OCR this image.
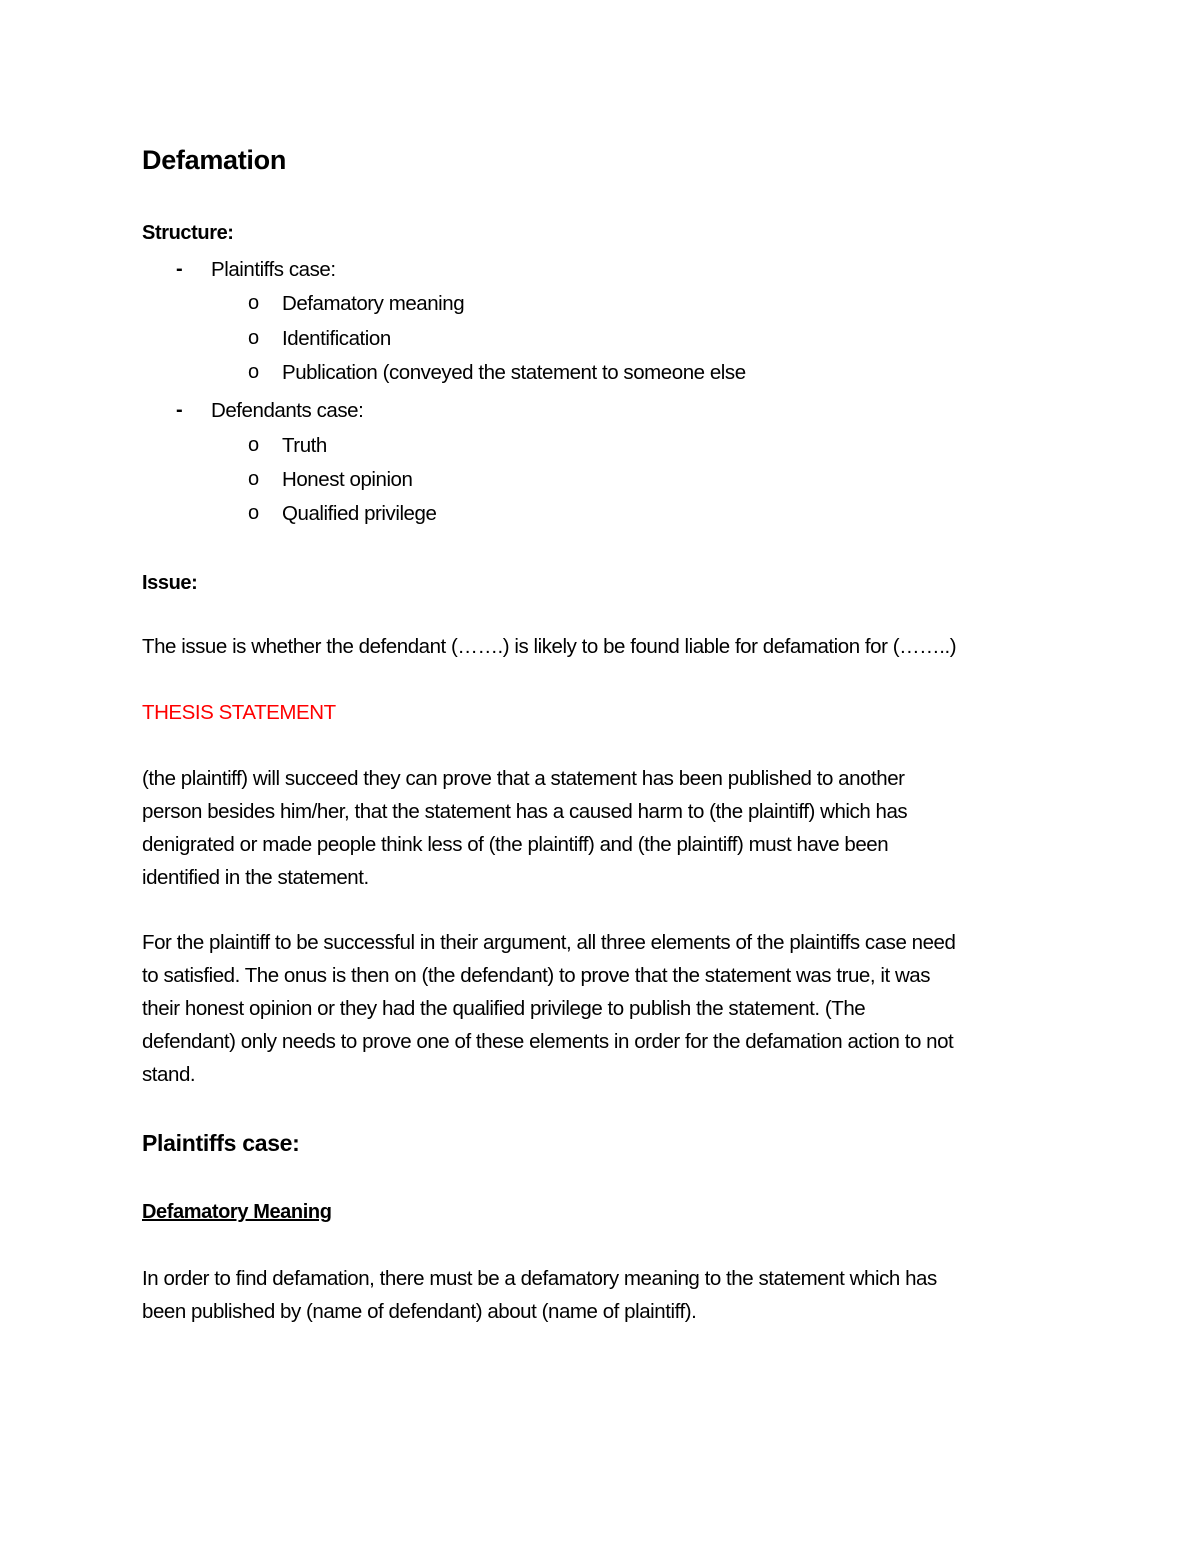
Defamation
Structure:
- Plaintiffs case:
o Defamatory meaning
o Identification
o Publication (conveyed the statement to someone else
- Defendants case:
o Truth
o Honest opinion
o Qualified privilege
Issue:
The issue is whether the defendant (…….) is likely to be found liable for defamation for (……..)
THESIS STATEMENT
(the plaintiff) will succeed they can prove that a statement has been published to another
person besides him/her, that the statement has a caused harm to (the plaintiff) which has
denigrated or made people think less of (the plaintiff) and (the plaintiff) must have been
identified in the statement.
For the plaintiff to be successful in their argument, all three elements of the plaintiffs case need
to satisfied. The onus is then on (the defendant) to prove that the statement was true, it was
their honest opinion or they had the qualified privilege to publish the statement. (The
defendant) only needs to prove one of these elements in order for the defamation action to not
stand.
Plaintiffs case:
Defamatory Meaning
In order to find defamation, there must be a defamatory meaning to the statement which has
been published by (name of defendant) about (name of plaintiff).
